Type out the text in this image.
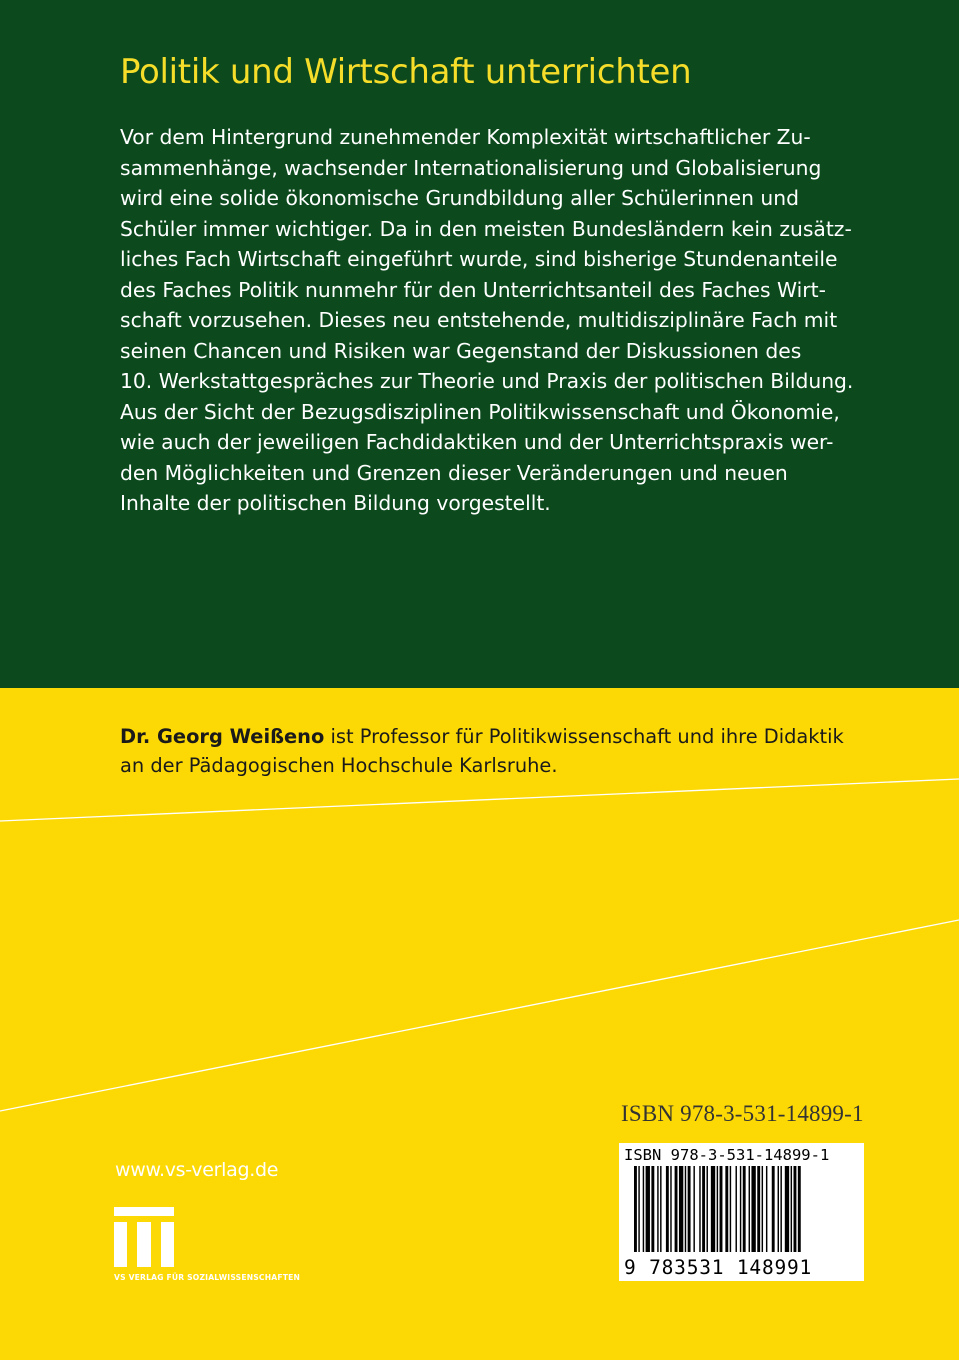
Politik und Wirtschaft unterrichten
Vor dem Hintergrund zunehmender Komplexität wirtschaftlicher Zu-
sammenhänge, wachsender Internationalisierung und Globalisierung
wird eine solide ökonomische Grundbildung aller Schülerinnen und
Schüler immer wichtiger. Da in den meisten Bundesländern kein zusätz-
liches Fach Wirtschaft eingeführt wurde, sind bisherige Stundenanteile
des Faches Politik nunmehr für den Unterrichtsanteil des Faches Wirt-
schaft vorzusehen. Dieses neu entstehende, multidisziplinäre Fach mit
seinen Chancen und Risiken war Gegenstand der Diskussionen des
10. Werkstattgespräches zur Theorie und Praxis der politischen Bildung.
Aus der Sicht der Bezugsdisziplinen Politikwissenschaft und Ökonomie,
wie auch der jeweiligen Fachdidaktiken und der Unterrichtspraxis wer-
den Möglichkeiten und Grenzen dieser Veränderungen und neuen
Inhalte der politischen Bildung vorgestellt.
Dr. Georg Weißeno ist Professor für Politikwissenschaft und ihre Didaktik
an der Pädagogischen Hochschule Karlsruhe.
ISBN 978-3-531-14899-1
ISBN 978-3-531-14899-1
9 783531 148991
www.vs-verlag.de
VS VERLAG FÜR SOZIALWISSENSCHAFTEN
